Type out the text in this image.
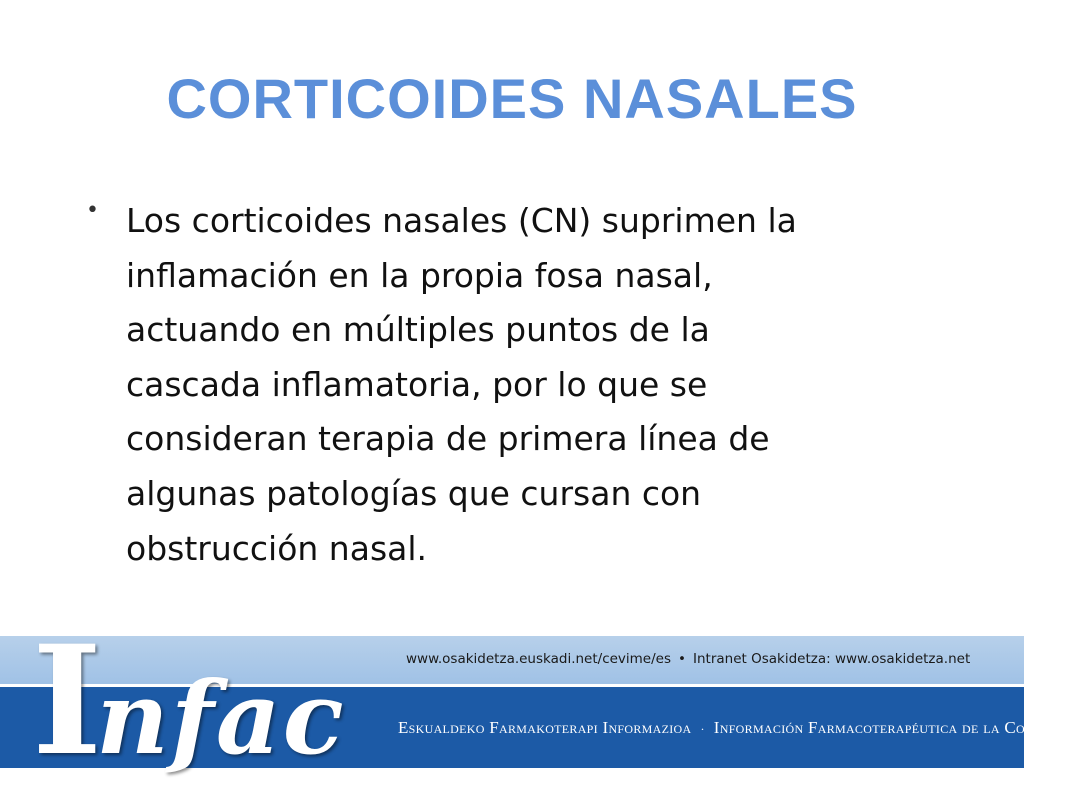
CORTICOIDES NASALES
• Los corticoides nasales (CN) suprimen la
inflamación en la propia fosa nasal,
actuando en múltiples puntos de la
cascada inflamatoria, por lo que se
consideran terapia de primera línea de
algunas patologías que cursan con
obstrucción nasal.
www.osakidetza.euskadi.net/cevime/es • Intranet Osakidetza: www.osakidetza.net
Infac	Eskualdeko Farmakoterapi Informazioa · Información Farmacoterapéutica de la Comarca
